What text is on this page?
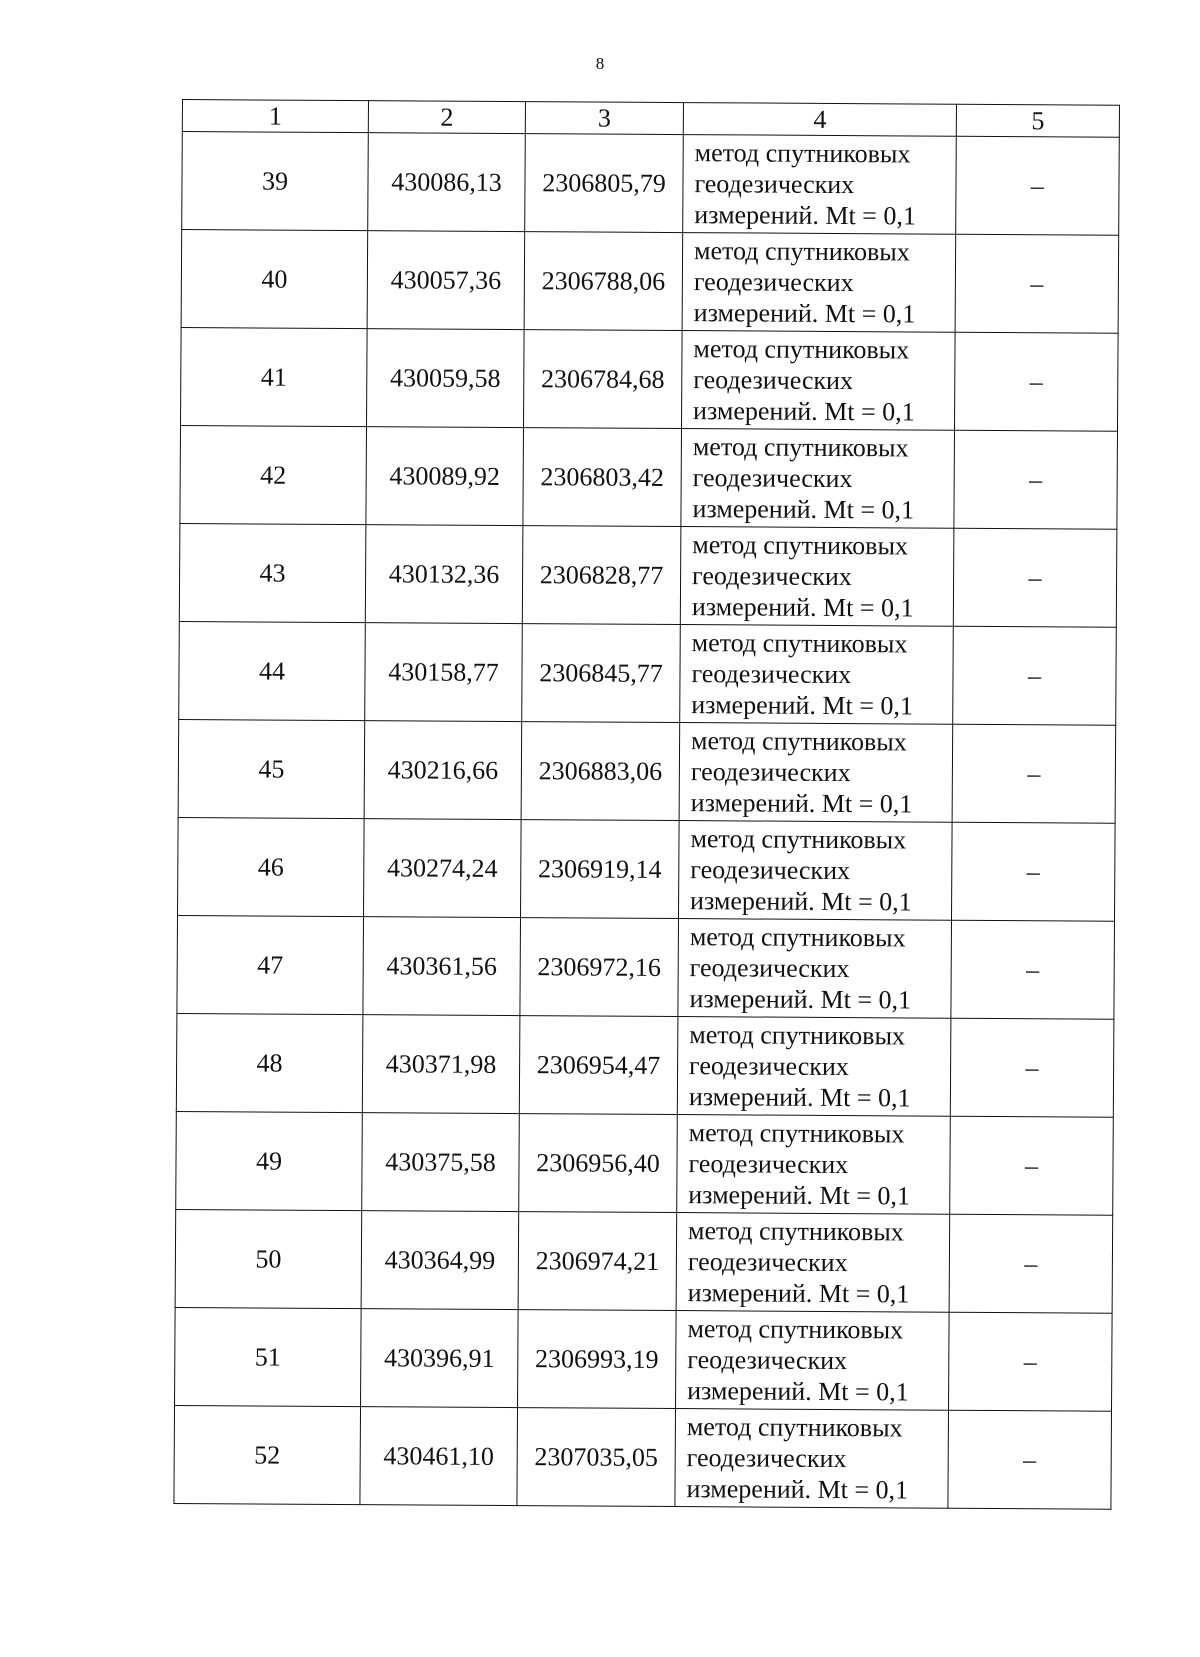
8
1	2	3	4	5
39	430086,13	2306805,79	метод спутниковых
геодезических
измерений. Mt = 0,1	–
40	430057,36	2306788,06	метод спутниковых
геодезических
измерений. Mt = 0,1	–
41	430059,58	2306784,68	метод спутниковых
геодезических
измерений. Mt = 0,1	–
42	430089,92	2306803,42	метод спутниковых
геодезических
измерений. Mt = 0,1	–
43	430132,36	2306828,77	метод спутниковых
геодезических
измерений. Mt = 0,1	–
44	430158,77	2306845,77	метод спутниковых
геодезических
измерений. Mt = 0,1	–
45	430216,66	2306883,06	метод спутниковых
геодезических
измерений. Mt = 0,1	–
46	430274,24	2306919,14	метод спутниковых
геодезических
измерений. Mt = 0,1	–
47	430361,56	2306972,16	метод спутниковых
геодезических
измерений. Mt = 0,1	–
48	430371,98	2306954,47	метод спутниковых
геодезических
измерений. Mt = 0,1	–
49	430375,58	2306956,40	метод спутниковых
геодезических
измерений. Mt = 0,1	–
50	430364,99	2306974,21	метод спутниковых
геодезических
измерений. Mt = 0,1	–
51	430396,91	2306993,19	метод спутниковых
геодезических
измерений. Mt = 0,1	–
52	430461,10	2307035,05	метод спутниковых
геодезических
измерений. Mt = 0,1	–
